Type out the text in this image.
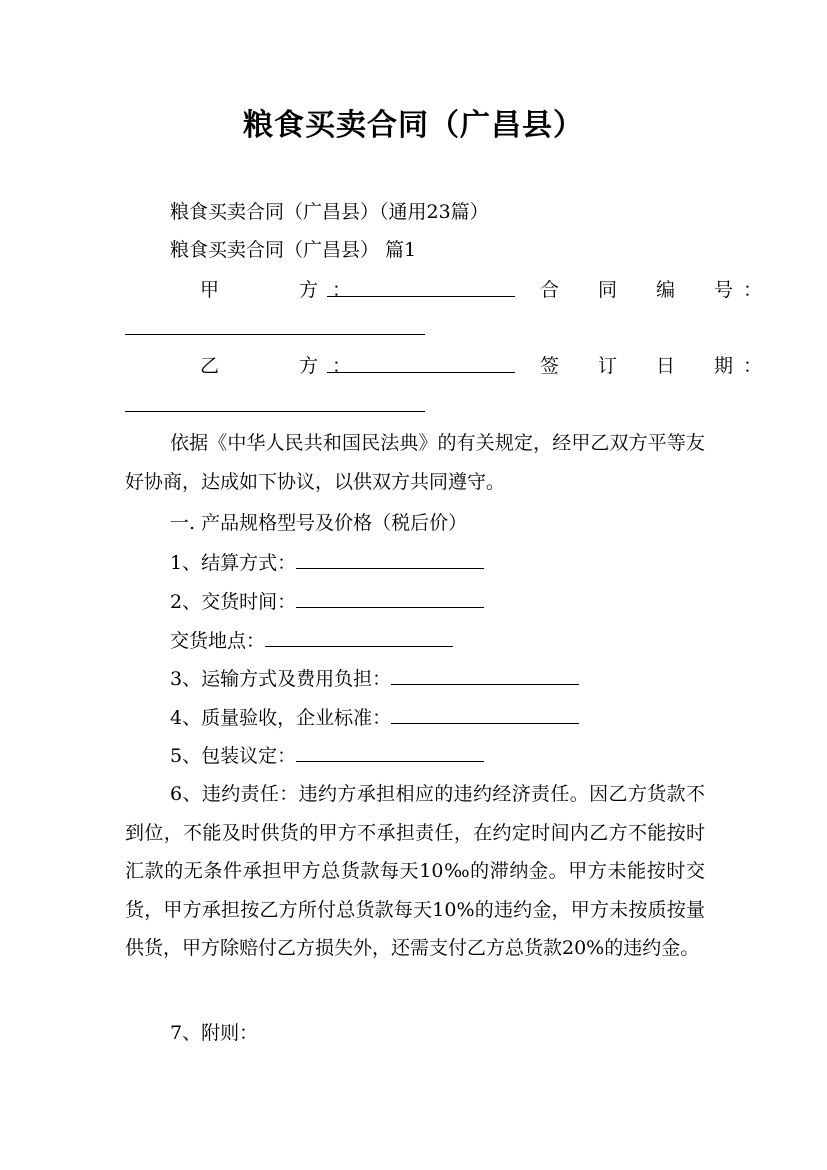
粮食买卖合同（广昌县）
粮食买卖合同（广昌县）（通用23篇）
粮食买卖合同（广昌县） 篇1
甲　　方：	合　同　编　号：
乙　　方：	签　订　日　期：
依据《中华人民共和国民法典》的有关规定，经甲乙双方平等友好协商，达成如下协议，以供双方共同遵守。
一. 产品规格型号及价格（税后价）
1、结算方式：
2、交货时间：
交货地点：
3、运输方式及费用负担：
4、质量验收，企业标准：
5、包装议定：
6、违约责任：违约方承担相应的违约经济责任。因乙方货款不到位，不能及时供货的甲方不承担责任，在约定时间内乙方不能按时汇款的无条件承担甲方总货款每天10‰的滞纳金。甲方未能按时交货，甲方承担按乙方所付总货款每天10%的违约金，甲方未按质按量供货，甲方除赔付乙方损失外，还需支付乙方总货款20%的违约金。
7、附则：
